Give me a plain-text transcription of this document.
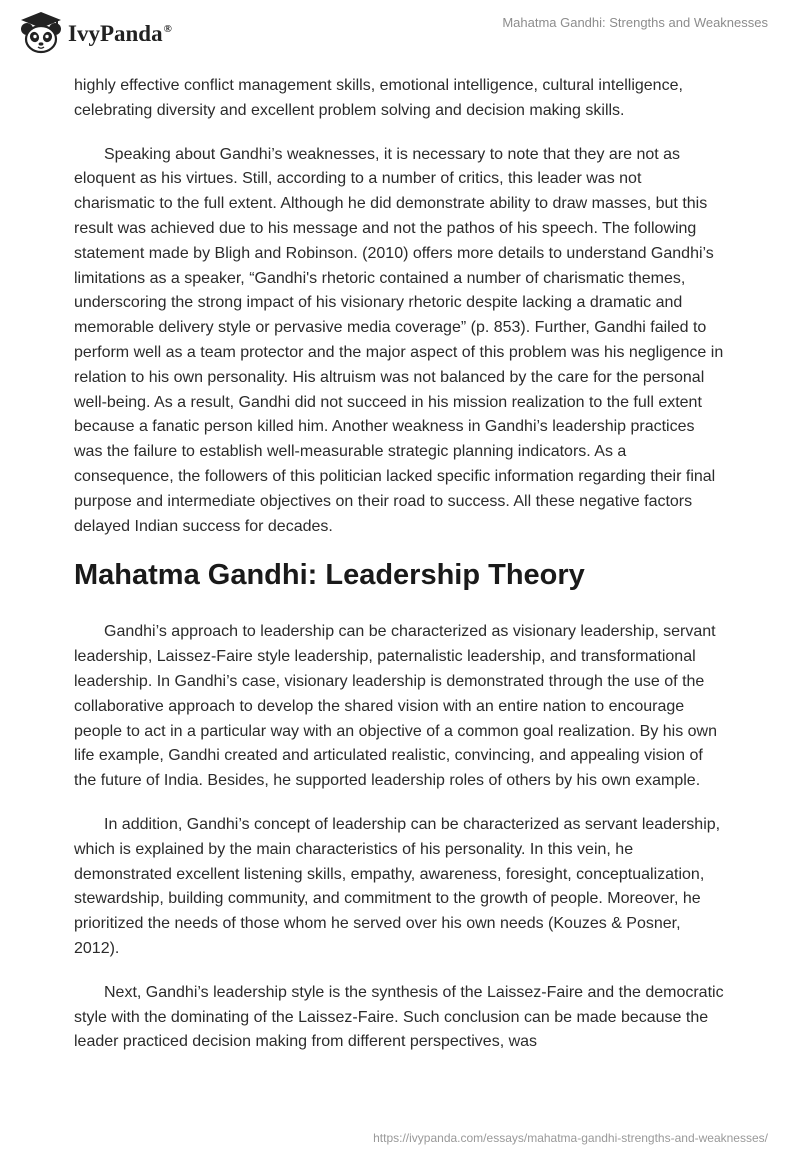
IvyPanda®	Mahatma Gandhi: Strengths and Weaknesses

highly effective conflict management skills, emotional intelligence, cultural intelligence, celebrating diversity and excellent problem solving and decision making skills.

Speaking about Gandhi’s weaknesses, it is necessary to note that they are not as eloquent as his virtues. Still, according to a number of critics, this leader was not charismatic to the full extent. Although he did demonstrate ability to draw masses, but this result was achieved due to his message and not the pathos of his speech. The following statement made by Bligh and Robinson. (2010) offers more details to understand Gandhi’s limitations as a speaker, “Gandhi's rhetoric contained a number of charismatic themes, underscoring the strong impact of his visionary rhetoric despite lacking a dramatic and memorable delivery style or pervasive media coverage” (p. 853). Further, Gandhi failed to perform well as a team protector and the major aspect of this problem was his negligence in relation to his own personality. His altruism was not balanced by the care for the personal well-being. As a result, Gandhi did not succeed in his mission realization to the full extent because a fanatic person killed him. Another weakness in Gandhi’s leadership practices was the failure to establish well-measurable strategic planning indicators. As a consequence, the followers of this politician lacked specific information regarding their final purpose and intermediate objectives on their road to success. All these negative factors delayed Indian success for decades.

Mahatma Gandhi: Leadership Theory

Gandhi’s approach to leadership can be characterized as visionary leadership, servant leadership, Laissez-Faire style leadership, paternalistic leadership, and transformational leadership. In Gandhi’s case, visionary leadership is demonstrated through the use of the collaborative approach to develop the shared vision with an entire nation to encourage people to act in a particular way with an objective of a common goal realization. By his own life example, Gandhi created and articulated realistic, convincing, and appealing vision of the future of India. Besides, he supported leadership roles of others by his own example.

In addition, Gandhi’s concept of leadership can be characterized as servant leadership, which is explained by the main characteristics of his personality. In this vein, he demonstrated excellent listening skills, empathy, awareness, foresight, conceptualization, stewardship, building community, and commitment to the growth of people. Moreover, he prioritized the needs of those whom he served over his own needs (Kouzes & Posner, 2012).

Next, Gandhi’s leadership style is the synthesis of the Laissez-Faire and the democratic style with the dominating of the Laissez-Faire. Such conclusion can be made because the leader practiced decision making from different perspectives, was

https://ivypanda.com/essays/mahatma-gandhi-strengths-and-weaknesses/
